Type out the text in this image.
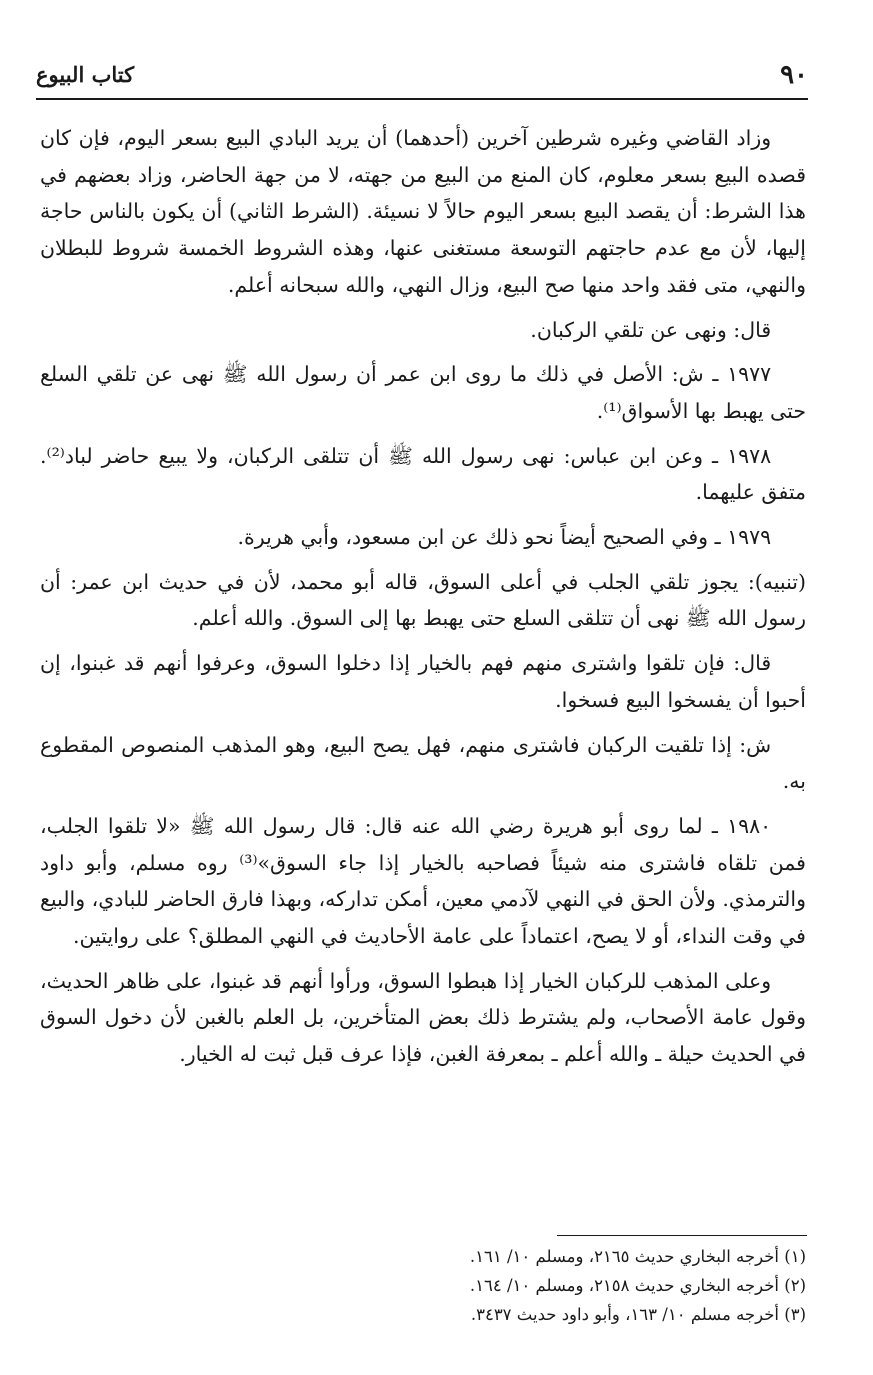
٩٠
كتاب البيوع

وزاد القاضي وغيره شرطين آخرين (أحدهما) أن يريد البادي البيع بسعر اليوم، فإن كان قصده البيع بسعر معلوم، كان المنع من البيع من جهته، لا من جهة الحاضر، وزاد بعضهم في هذا الشرط: أن يقصد البيع بسعر اليوم حالاً لا نسيئة. (الشرط الثاني) أن يكون بالناس حاجة إليها، لأن مع عدم حاجتهم التوسعة مستغنى عنها، وهذه الشروط الخمسة شروط للبطلان والنهي، متى فقد واحد منها صح البيع، وزال النهي، والله سبحانه أعلم.

قال: ونهى عن تلقي الركبان.

١٩٧٧ ـ ش: الأصل في ذلك ما روى ابن عمر أن رسول الله ﷺ نهى عن تلقي السلع حتى يهبط بها الأسواق⁽¹⁾.

١٩٧٨ ـ وعن ابن عباس: نهى رسول الله ﷺ أن تتلقى الركبان، ولا يبيع حاضر لباد⁽²⁾. متفق عليهما.

١٩٧٩ ـ وفي الصحيح أيضاً نحو ذلك عن ابن مسعود، وأبي هريرة.

(تنبيه): يجوز تلقي الجلب في أعلى السوق، قاله أبو محمد، لأن في حديث ابن عمر: أن رسول الله ﷺ نهى أن تتلقى السلع حتى يهبط بها إلى السوق. والله أعلم.

قال: فإن تلقوا واشترى منهم فهم بالخيار إذا دخلوا السوق، وعرفوا أنهم قد غبنوا، إن أحبوا أن يفسخوا البيع فسخوا.

ش: إذا تلقيت الركبان فاشترى منهم، فهل يصح البيع، وهو المذهب المنصوص المقطوع به.

١٩٨٠ ـ لما روى أبو هريرة رضي الله عنه قال: قال رسول الله ﷺ «لا تلقوا الجلب، فمن تلقاه فاشترى منه شيئاً فصاحبه بالخيار إذا جاء السوق»⁽³⁾ روه مسلم، وأبو داود والترمذي. ولأن الحق في النهي لآدمي معين، أمكن تداركه، وبهذا فارق الحاضر للبادي، والبيع في وقت النداء، أو لا يصح، اعتماداً على عامة الأحاديث في النهي المطلق؟ على روايتين.

وعلى المذهب للركبان الخيار إذا هبطوا السوق، ورأوا أنهم قد غبنوا، على ظاهر الحديث، وقول عامة الأصحاب، ولم يشترط ذلك بعض المتأخرين، بل العلم بالغبن لأن دخول السوق في الحديث حيلة ـ والله أعلم ـ بمعرفة الغبن، فإذا عرف قبل ثبت له الخيار.

(١) أخرجه البخاري حديث ٢١٦٥، ومسلم ١٠/ ١٦١.

(٢) أخرجه البخاري حديث ٢١٥٨، ومسلم ١٠/ ١٦٤.

(٣) أخرجه مسلم ١٠/ ١٦٣، وأبو داود حديث ٣٤٣٧.
